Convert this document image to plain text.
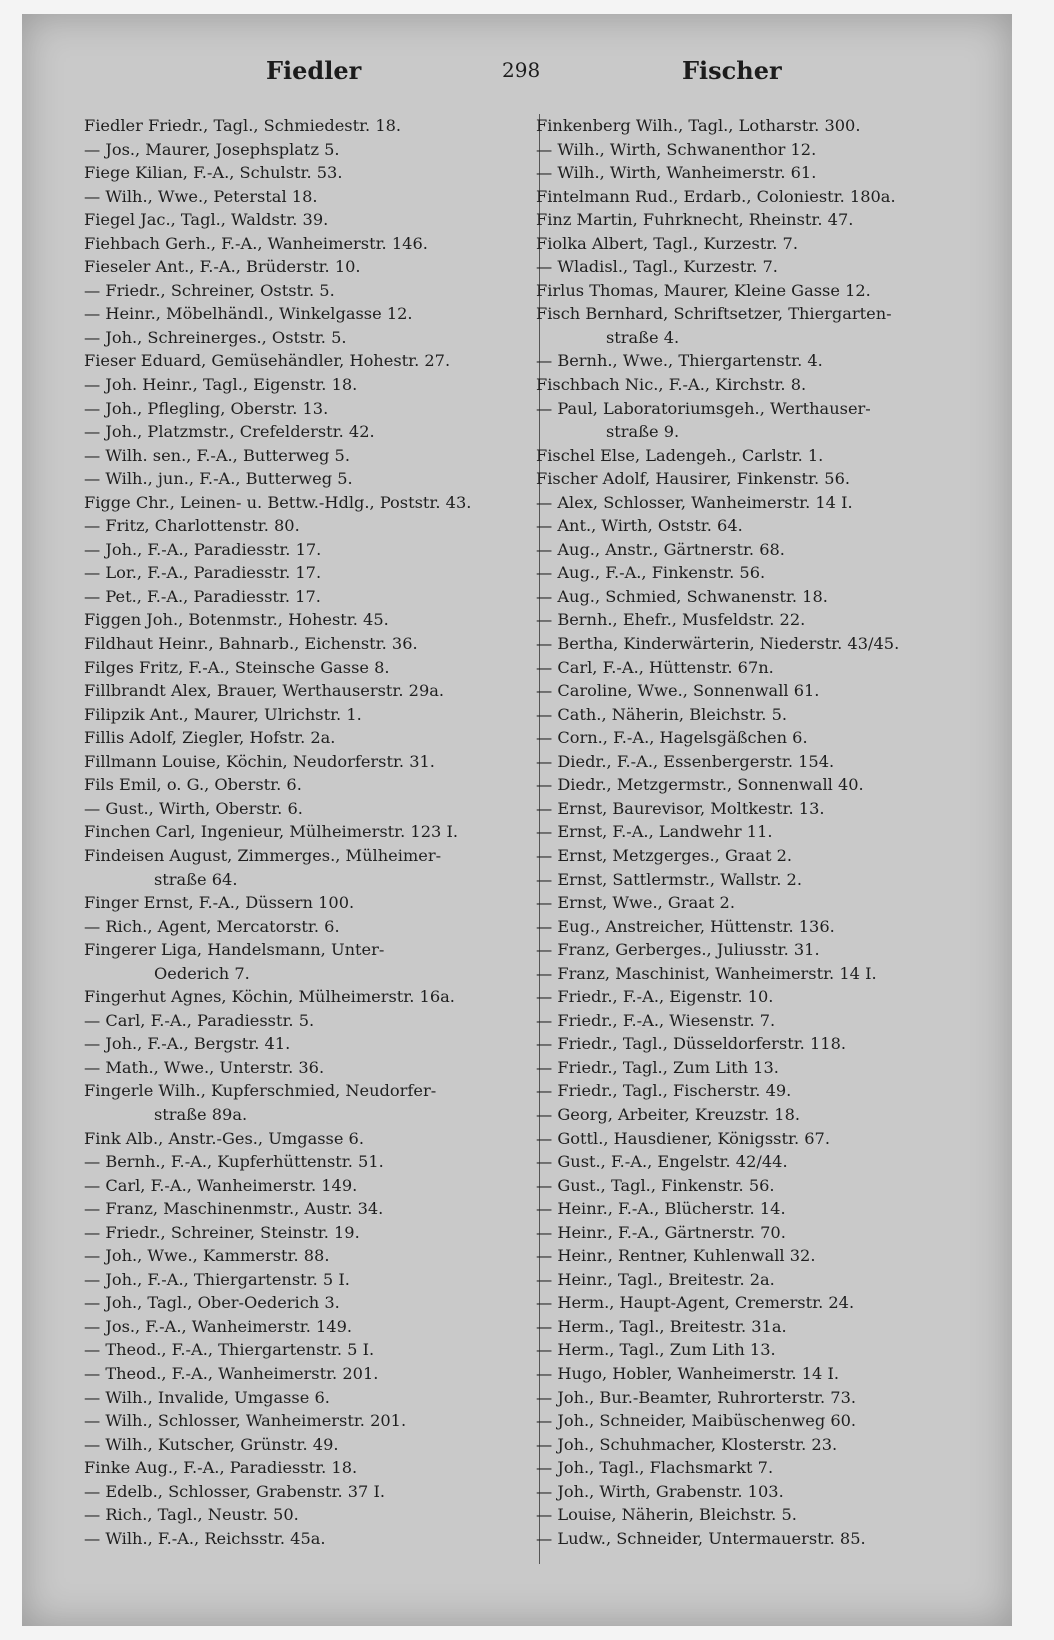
Fiedler	298	Fischer
Fiedler Friedr., Tagl., Schmiedestr. 18.
— Jos., Maurer, Josephsplatz 5.
Fiege Kilian, F.-A., Schulstr. 53.
— Wilh., Wwe., Peterstal 18.
Fiegel Jac., Tagl., Waldstr. 39.
Fiehbach Gerh., F.-A., Wanheimerstr. 146.
Fieseler Ant., F.-A., Brüderstr. 10.
— Friedr., Schreiner, Oststr. 5.
— Heinr., Möbelhändl., Winkelgasse 12.
— Joh., Schreinerges., Oststr. 5.
Fieser Eduard, Gemüsehändler, Hohestr. 27.
— Joh. Heinr., Tagl., Eigenstr. 18.
— Joh., Pflegling, Oberstr. 13.
— Joh., Platzmstr., Crefelderstr. 42.
— Wilh. sen., F.-A., Butterweg 5.
— Wilh., jun., F.-A., Butterweg 5.
Figge Chr., Leinen- u. Bettw.-Hdlg., Poststr. 43.
— Fritz, Charlottenstr. 80.
— Joh., F.-A., Paradiesstr. 17.
— Lor., F.-A., Paradiesstr. 17.
— Pet., F.-A., Paradiesstr. 17.
Figgen Joh., Botenmstr., Hohestr. 45.
Fildhaut Heinr., Bahnarb., Eichenstr. 36.
Filges Fritz, F.-A., Steinsche Gasse 8.
Fillbrandt Alex, Brauer, Werthauserstr. 29a.
Filipzik Ant., Maurer, Ulrichstr. 1.
Fillis Adolf, Ziegler, Hofstr. 2a.
Fillmann Louise, Köchin, Neudorferstr. 31.
Fils Emil, o. G., Oberstr. 6.
— Gust., Wirth, Oberstr. 6.
Finchen Carl, Ingenieur, Mülheimerstr. 123 I.
Findeisen August, Zimmerges., Mülheimer-
straße 64.
Finger Ernst, F.-A., Düssern 100.
— Rich., Agent, Mercatorstr. 6.
Fingerer Liga, Handelsmann, Unter-
Oederich 7.
Fingerhut Agnes, Köchin, Mülheimerstr. 16a.
— Carl, F.-A., Paradiesstr. 5.
— Joh., F.-A., Bergstr. 41.
— Math., Wwe., Unterstr. 36.
Fingerle Wilh., Kupferschmied, Neudorfer-
straße 89a.
Fink Alb., Anstr.-Ges., Umgasse 6.
— Bernh., F.-A., Kupferhüttenstr. 51.
— Carl, F.-A., Wanheimerstr. 149.
— Franz, Maschinenmstr., Austr. 34.
— Friedr., Schreiner, Steinstr. 19.
— Joh., Wwe., Kammerstr. 88.
— Joh., F.-A., Thiergartenstr. 5 I.
— Joh., Tagl., Ober-Oederich 3.
— Jos., F.-A., Wanheimerstr. 149.
— Theod., F.-A., Thiergartenstr. 5 I.
— Theod., F.-A., Wanheimerstr. 201.
— Wilh., Invalide, Umgasse 6.
— Wilh., Schlosser, Wanheimerstr. 201.
— Wilh., Kutscher, Grünstr. 49.
Finke Aug., F.-A., Paradiesstr. 18.
— Edelb., Schlosser, Grabenstr. 37 I.
— Rich., Tagl., Neustr. 50.
— Wilh., F.-A., Reichsstr. 45a.
Finkenberg Wilh., Tagl., Lotharstr. 300.
— Wilh., Wirth, Schwanenthor 12.
— Wilh., Wirth, Wanheimerstr. 61.
Fintelmann Rud., Erdarb., Coloniestr. 180a.
Finz Martin, Fuhrknecht, Rheinstr. 47.
Fiolka Albert, Tagl., Kurzestr. 7.
— Wladisl., Tagl., Kurzestr. 7.
Firlus Thomas, Maurer, Kleine Gasse 12.
Fisch Bernhard, Schriftsetzer, Thiergarten-
straße 4.
— Bernh., Wwe., Thiergartenstr. 4.
Fischbach Nic., F.-A., Kirchstr. 8.
— Paul, Laboratoriumsgeh., Werthauser-
straße 9.
Fischel Else, Ladengeh., Carlstr. 1.
Fischer Adolf, Hausirer, Finkenstr. 56.
— Alex, Schlosser, Wanheimerstr. 14 I.
— Ant., Wirth, Oststr. 64.
— Aug., Anstr., Gärtnerstr. 68.
— Aug., F.-A., Finkenstr. 56.
— Aug., Schmied, Schwanenstr. 18.
— Bernh., Ehefr., Musfeldstr. 22.
— Bertha, Kinderwärterin, Niederstr. 43/45.
— Carl, F.-A., Hüttenstr. 67n.
— Caroline, Wwe., Sonnenwall 61.
— Cath., Näherin, Bleichstr. 5.
— Corn., F.-A., Hagelsgäßchen 6.
— Diedr., F.-A., Essenbergerstr. 154.
— Diedr., Metzgermstr., Sonnenwall 40.
— Ernst, Baurevisor, Moltkestr. 13.
— Ernst, F.-A., Landwehr 11.
— Ernst, Metzgerges., Graat 2.
— Ernst, Sattlermstr., Wallstr. 2.
— Ernst, Wwe., Graat 2.
— Eug., Anstreicher, Hüttenstr. 136.
— Franz, Gerberges., Juliusstr. 31.
— Franz, Maschinist, Wanheimerstr. 14 I.
— Friedr., F.-A., Eigenstr. 10.
— Friedr., F.-A., Wiesenstr. 7.
— Friedr., Tagl., Düsseldorferstr. 118.
— Friedr., Tagl., Zum Lith 13.
— Friedr., Tagl., Fischerstr. 49.
— Georg, Arbeiter, Kreuzstr. 18.
— Gottl., Hausdiener, Königsstr. 67.
— Gust., F.-A., Engelstr. 42/44.
— Gust., Tagl., Finkenstr. 56.
— Heinr., F.-A., Blücherstr. 14.
— Heinr., F.-A., Gärtnerstr. 70.
— Heinr., Rentner, Kuhlenwall 32.
— Heinr., Tagl., Breitestr. 2a.
— Herm., Haupt-Agent, Cremerstr. 24.
— Herm., Tagl., Breitestr. 31a.
— Herm., Tagl., Zum Lith 13.
— Hugo, Hobler, Wanheimerstr. 14 I.
— Joh., Bur.-Beamter, Ruhrorterstr. 73.
— Joh., Schneider, Maibüschenweg 60.
— Joh., Schuhmacher, Klosterstr. 23.
— Joh., Tagl., Flachsmarkt 7.
— Joh., Wirth, Grabenstr. 103.
— Louise, Näherin, Bleichstr. 5.
— Ludw., Schneider, Untermauerstr. 85.
